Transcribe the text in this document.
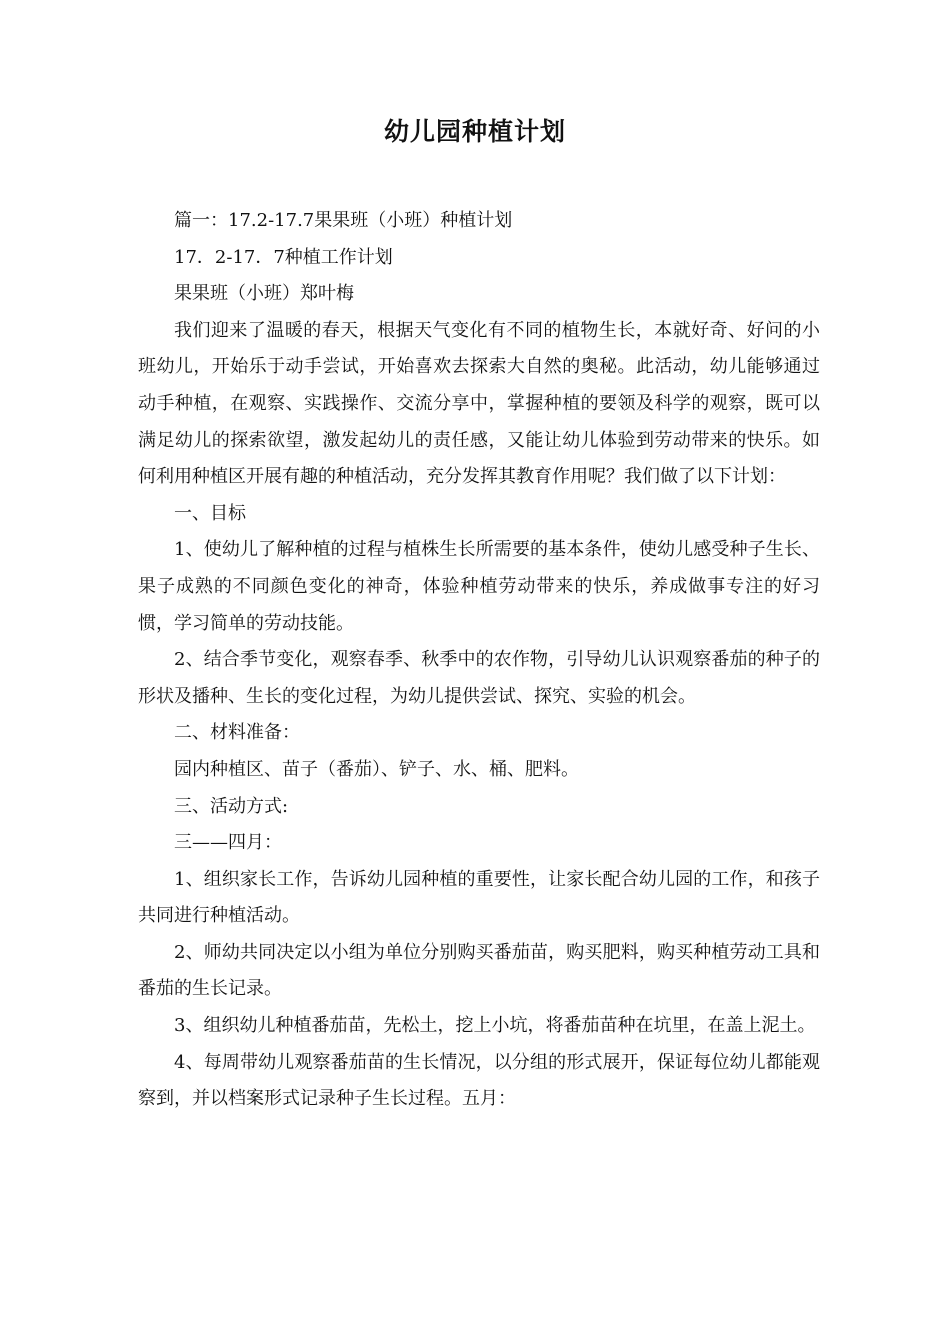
幼儿园种植计划

篇一：17.2-17.7果果班（小班）种植计划

17．2-17．7种植工作计划

果果班（小班）郑叶梅

我们迎来了温暖的春天，根据天气变化有不同的植物生长，本就好奇、好问的小班幼儿，开始乐于动手尝试，开始喜欢去探索大自然的奥秘。此活动，幼儿能够通过动手种植，在观察、实践操作、交流分享中，掌握种植的要领及科学的观察，既可以满足幼儿的探索欲望，激发起幼儿的责任感，又能让幼儿体验到劳动带来的快乐。如何利用种植区开展有趣的种植活动，充分发挥其教育作用呢？我们做了以下计划：

一、目标

1、使幼儿了解种植的过程与植株生长所需要的基本条件，使幼儿感受种子生长、果子成熟的不同颜色变化的神奇，体验种植劳动带来的快乐，养成做事专注的好习惯，学习简单的劳动技能。

2、结合季节变化，观察春季、秋季中的农作物，引导幼儿认识观察番茄的种子的形状及播种、生长的变化过程，为幼儿提供尝试、探究、实验的机会。

二、材料准备：

园内种植区、苗子（番茄）、铲子、水、桶、肥料。

三、活动方式:

三——四月：

1、组织家长工作，告诉幼儿园种植的重要性，让家长配合幼儿园的工作，和孩子共同进行种植活动。

2、师幼共同决定以小组为单位分别购买番茄苗，购买肥料，购买种植劳动工具和番茄的生长记录。

3、组织幼儿种植番茄苗，先松土，挖上小坑，将番茄苗种在坑里，在盖上泥土。

4、每周带幼儿观察番茄苗的生长情况，以分组的形式展开，保证每位幼儿都能观察到，并以档案形式记录种子生长过程。五月：
